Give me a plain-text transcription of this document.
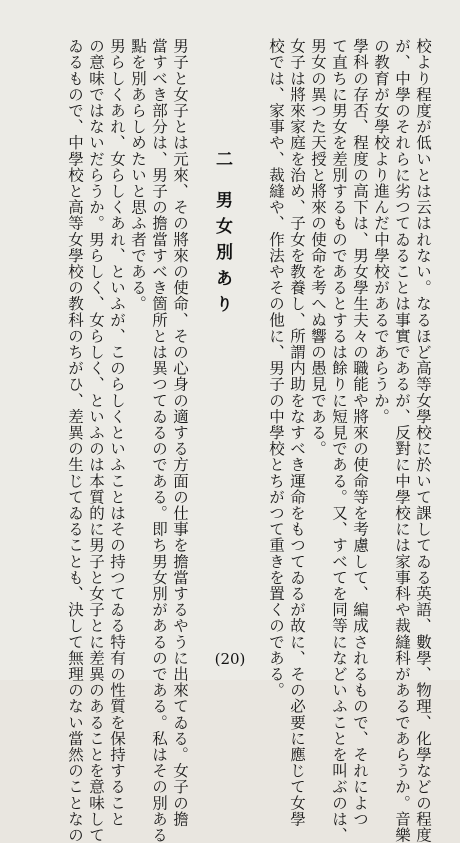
校より程度が低いとは云はれない。なるほど高等女學校に於いて課してゐる英語、數學、物理、化學などの程度
が、中學のそれらに劣つてゐることは事實であるが、反對に中學校には家事科や裁縫科があるであらうか。音樂
の教育が女學校より進んだ中學校があるであらうか。
學科の存否、程度の高下は、男女學生夫々の職能や將來の使命等を考慮して、編成されるもので、それによつ
て直ちに男女を差別するものであるとするは餘りに短見である。又、すべてを同等になどいふことを叫ぶのは、
男女の異つた天授と將來の使命を考へぬ響の愚見である。
女子は將來家庭を治め、子女を教養し、所謂内助をなすべき運命をもつてゐるが故に、その必要に應じて女學
校では、家事や、裁縫や、作法やその他に、男子の中學校とちがつて重きを置くのである。
二 男女別あり
男子と女子とは元來、その將來の使命、その心身の適する方面の仕事を擔當するやうに出來てゐる。女子の擔
當すべき部分は、男子の擔當すべき箇所とは異つてゐるのである。即ち男女別があるのである。私はその別ある
點を別あらしめたいと思ふ者である。
男らしくあれ、女らしくあれ、といふが、このらしくといふことはその持つてゐる特有の性質を保持すること
の意味ではないだらうか。男らしく、女らしく、といふのは本質的に男子と女子とに差異のあることを意味して
ゐるもので、中學校と高等女學校の教科のちがひ、差異の生じてゐることも、決して無理のない當然のことなの	(20)
